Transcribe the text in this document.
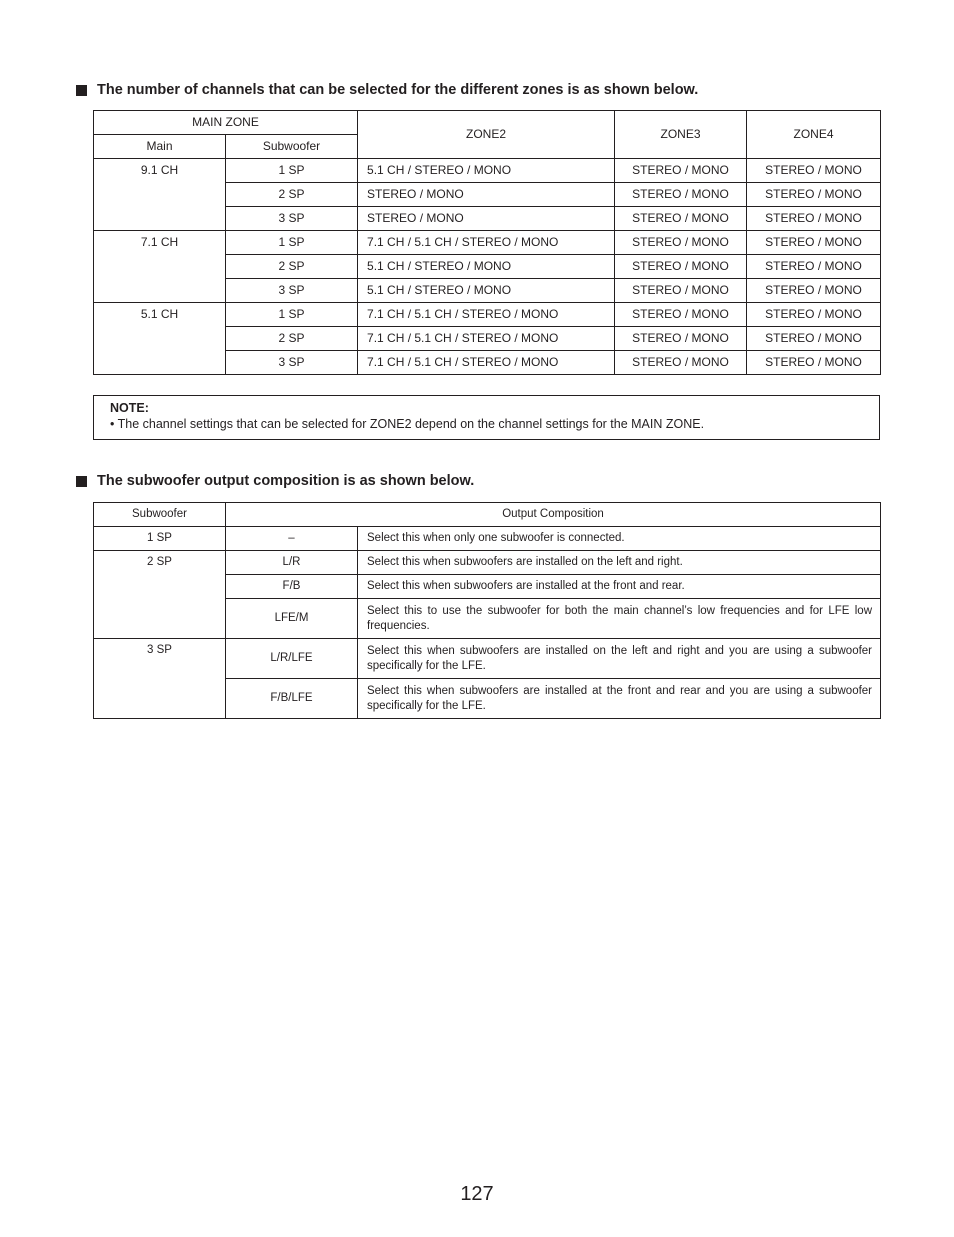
The number of channels that can be selected for the different zones is as shown below.
MAIN ZONE		ZONE2	ZONE3	ZONE4
Main	Subwoofer			
9.1 CH	1 SP	5.1 CH / STEREO / MONO	STEREO / MONO	STEREO / MONO
	2 SP	STEREO / MONO	STEREO / MONO	STEREO / MONO
	3 SP	STEREO / MONO	STEREO / MONO	STEREO / MONO
7.1 CH	1 SP	7.1 CH / 5.1 CH / STEREO / MONO	STEREO / MONO	STEREO / MONO
	2 SP	5.1 CH / STEREO / MONO	STEREO / MONO	STEREO / MONO
	3 SP	5.1 CH / STEREO / MONO	STEREO / MONO	STEREO / MONO
5.1 CH	1 SP	7.1 CH / 5.1 CH / STEREO / MONO	STEREO / MONO	STEREO / MONO
	2 SP	7.1 CH / 5.1 CH / STEREO / MONO	STEREO / MONO	STEREO / MONO
	3 SP	7.1 CH / 5.1 CH / STEREO / MONO	STEREO / MONO	STEREO / MONO
NOTE:
• The channel settings that can be selected for ZONE2 depend on the channel settings for the MAIN ZONE.
The subwoofer output composition is as shown below.
Subwoofer	Output Composition	
1 SP	–	Select this when only one subwoofer is connected.
2 SP	L/R	Select this when subwoofers are installed on the left and right.
	F/B	Select this when subwoofers are installed at the front and rear.
	LFE/M	Select this to use the subwoofer for both the main channel’s low frequencies and for LFE low frequencies.
3 SP	L/R/LFE	Select this when subwoofers are installed on the left and right and you are using a subwoofer specifically for the LFE.
	F/B/LFE	Select this when subwoofers are installed at the front and rear and you are using a subwoofer specifically for the LFE.
127
